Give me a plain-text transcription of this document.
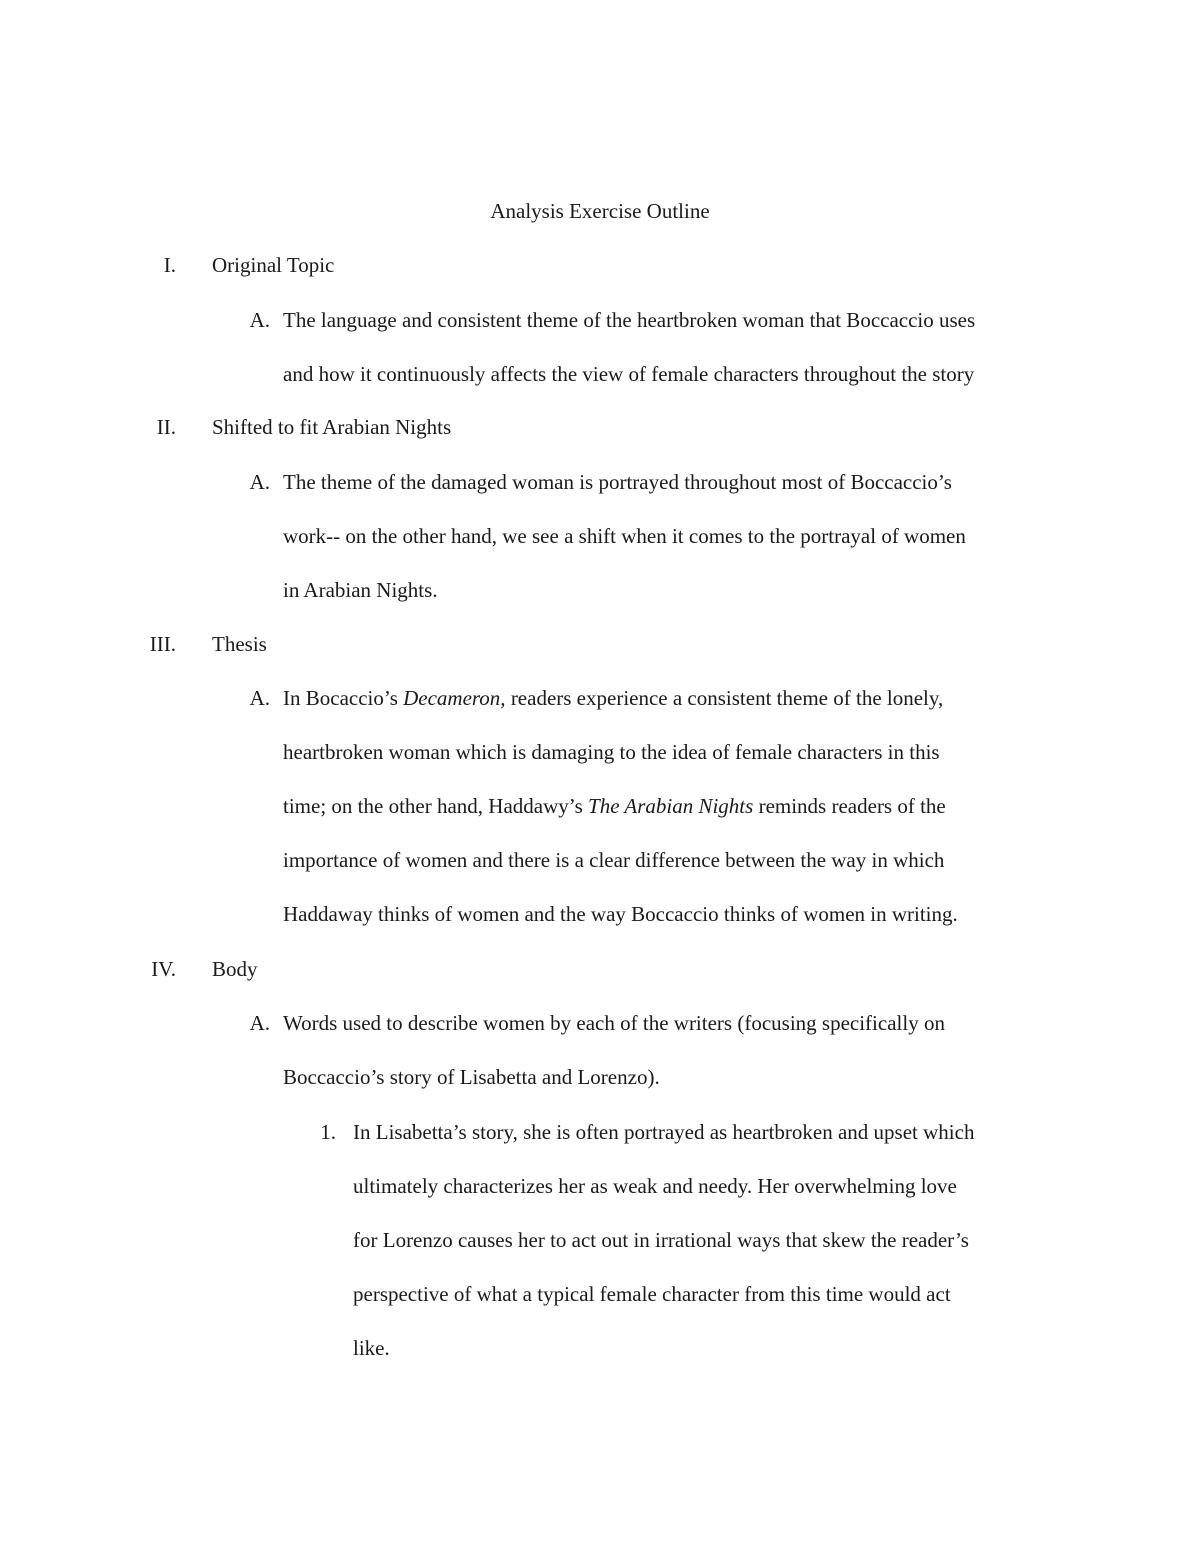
Analysis Exercise Outline
I. Original Topic
A. The language and consistent theme of the heartbroken woman that Boccaccio uses
and how it continuously affects the view of female characters throughout the story
II. Shifted to fit Arabian Nights
A. The theme of the damaged woman is portrayed throughout most of Boccaccio’s
work-- on the other hand, we see a shift when it comes to the portrayal of women
in Arabian Nights.
III. Thesis
A. In Bocaccio’s Decameron, readers experience a consistent theme of the lonely,
heartbroken woman which is damaging to the idea of female characters in this
time; on the other hand, Haddawy’s The Arabian Nights reminds readers of the
importance of women and there is a clear difference between the way in which
Haddaway thinks of women and the way Boccaccio thinks of women in writing.
IV. Body
A. Words used to describe women by each of the writers (focusing specifically on
Boccaccio’s story of Lisabetta and Lorenzo).
1. In Lisabetta’s story, she is often portrayed as heartbroken and upset which
ultimately characterizes her as weak and needy. Her overwhelming love
for Lorenzo causes her to act out in irrational ways that skew the reader’s
perspective of what a typical female character from this time would act
like.
